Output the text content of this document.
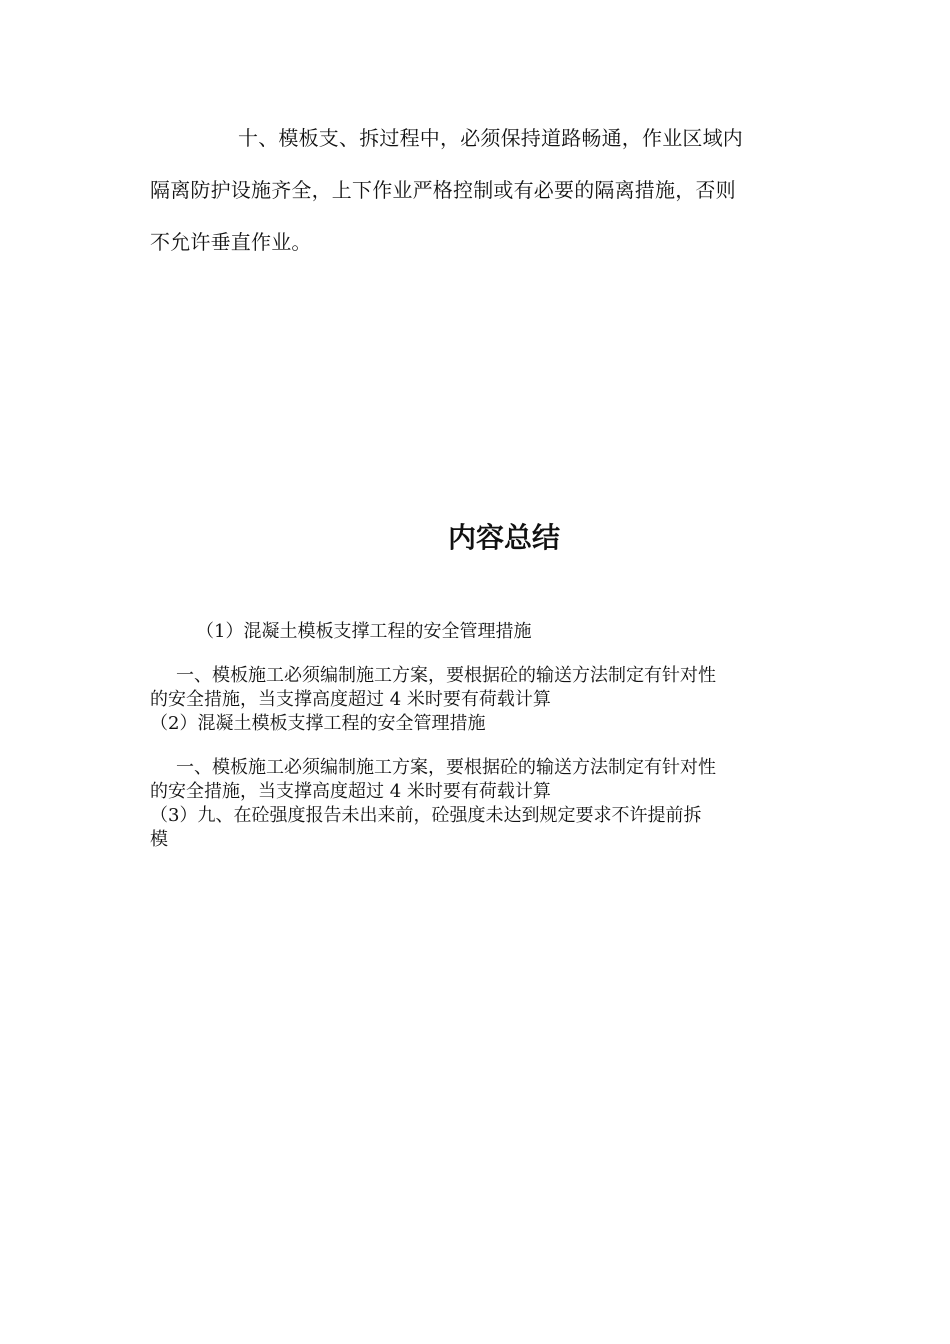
十、模板支、拆过程中，必须保持道路畅通，作业区域内

隔离防护设施齐全，上下作业严格控制或有必要的隔离措施，否则

不允许垂直作业。

内容总结

（1）混凝土模板支撑工程的安全管理措施

一、模板施工必须编制施工方案，要根据砼的输送方法制定有针对性

的安全措施，当支撑高度超过 4 米时要有荷载计算

（2）混凝土模板支撑工程的安全管理措施

一、模板施工必须编制施工方案，要根据砼的输送方法制定有针对性

的安全措施，当支撑高度超过 4 米时要有荷载计算

（3）九、在砼强度报告未出来前，砼强度未达到规定要求不许提前拆

模
